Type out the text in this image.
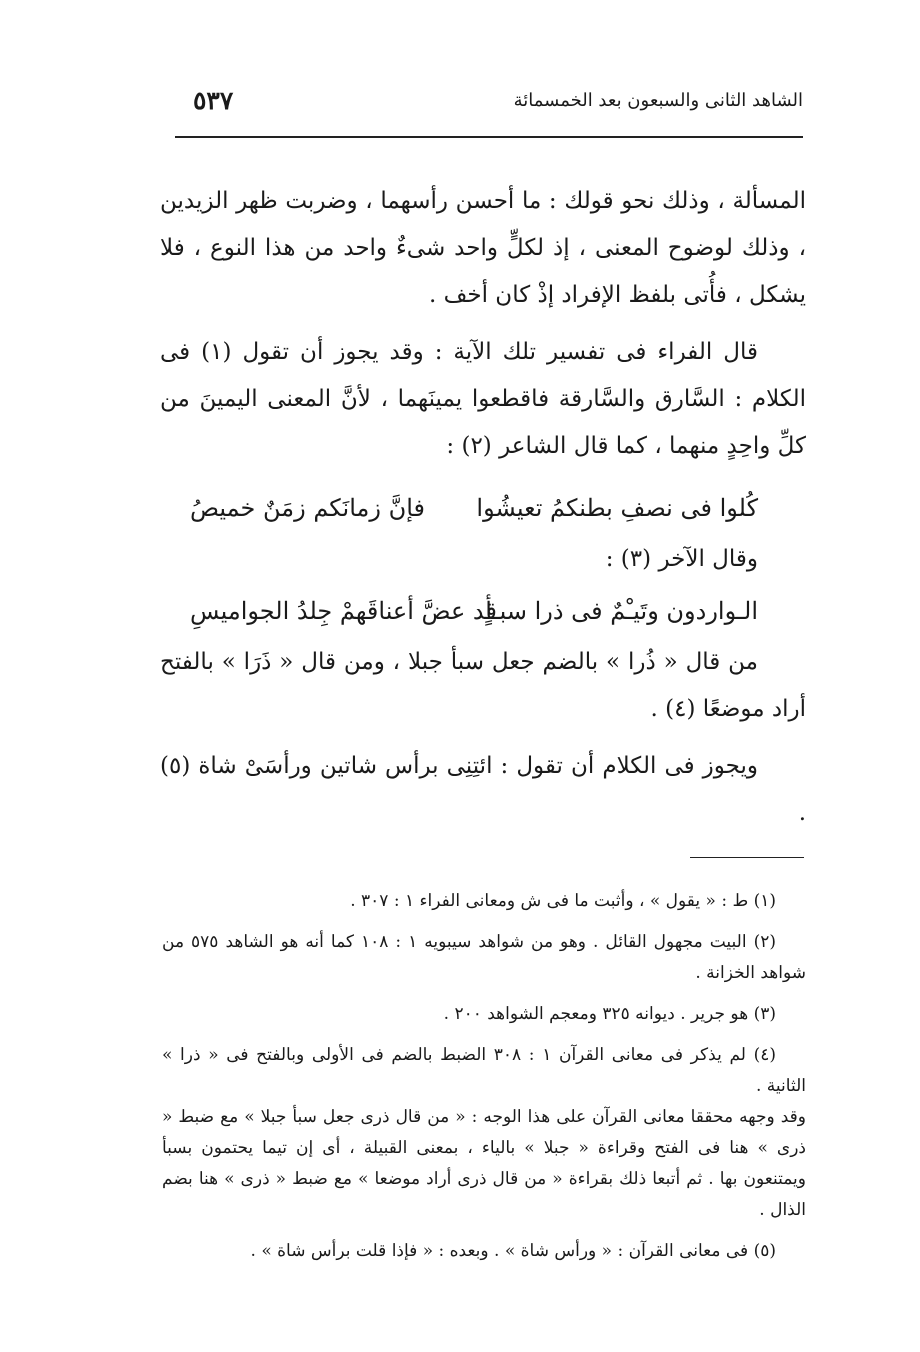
الشاهد الثانى والسبعون بعد الخمسمائة
٥٣٧

المسألة ، وذلك نحو قولك : ما أحسن رأسهما ، وضربت ظهر الزيدين ، وذلك لوضوح المعنى ، إذ لكلٍّ واحد شىءٌ واحد من هذا النوع ، فلا يشكل ، فأُتى بلفظ الإفراد إذْ كان أخف .

قال الفراء فى تفسير تلك الآية : وقد يجوز أن تقول (١) فى الكلام : السَّارق والسَّارقة فاقطعوا يمينَهما ، لأنَّ المعنى اليمينَ من كلِّ واحِدٍ منهما ، كما قال الشاعر (٢) :

كُلوا فى نصفِ بطنكمُ تعيشُوا
فإنَّ زمانَكم زمَنٌ خميصُ

وقال الآخر (٣) :

الـواردون وتَيـْمٌ فى ذرا سبـأٍ
قد عضَّ أعناقَهمْ جِلدُ الجواميسِ

من قال « ذُرا » بالضم جعل سبأ جبلا ، ومن قال « ذَرَا » بالفتح أراد موضعًا (٤) .

ويجوز فى الكلام أن تقول : ائتِنِى برأس شاتين ورأسَىْ شاة (٥) .

(١) ط : « يقول » ، وأثبت ما فى ش ومعانى الفراء ١ : ٣٠٧ .

(٢) البيت مجهول القائل . وهو من شواهد سيبويه ١ : ١٠٨ كما أنه هو الشاهد ٥٧٥ من شواهد الخزانة .

(٣) هو جرير . ديوانه ٣٢٥ ومعجم الشواهد ٢٠٠ .

(٤) لم يذكر فى معانى القرآن ١ : ٣٠٨ الضبط بالضم فى الأولى وبالفتح فى « ذرا » الثانية .

وقد وجهه محققا معانى القرآن على هذا الوجه : « من قال ذرى جعل سبأ جبلا » مع ضبط « ذرى » هنا فى الفتح وقراءة « جبلا » بالياء ، بمعنى القبيلة ، أى إن تيما يحتمون بسبأ ويمتنعون بها . ثم أتبعا ذلك بقراءة « من قال ذرى أراد موضعا » مع ضبط « ذرى » هنا بضم الذال .

(٥) فى معانى القرآن : « ورأس شاة » . وبعده : « فإذا قلت برأس شاة » .
